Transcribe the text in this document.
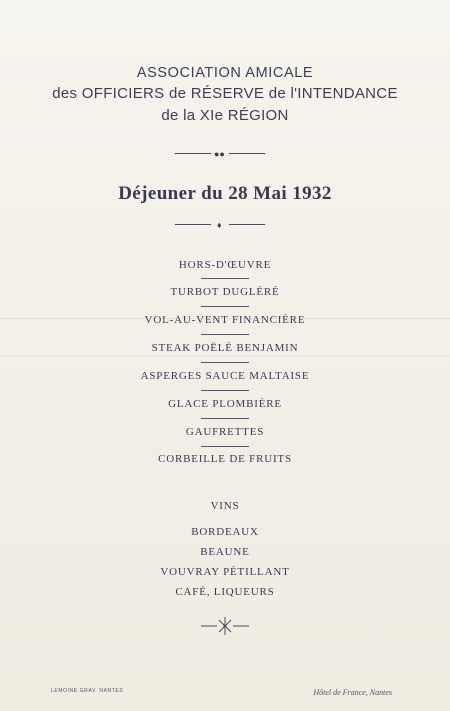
ASSOCIATION AMICALE
des OFFICIERS de RÉSERVE de l'INTENDANCE
de la XIe RÉGION
●●
Déjeuner du 28 Mai 1932
♦
HORS-D'ŒUVRE
TURBOT DUGLÉRÉ
VOL-AU-VENT FINANCIÈRE
STEAK POËLÉ BENJAMIN
ASPERGES SAUCE MALTAISE
GLACE PLOMBIÈRE
GAUFRETTES
CORBEILLE DE FRUITS
VINS
BORDEAUX
BEAUNE
VOUVRAY PÉTILLANT
CAFÉ, LIQUEURS
LEMOINE GRAV. NANTES	Hôtel de France, Nantes
